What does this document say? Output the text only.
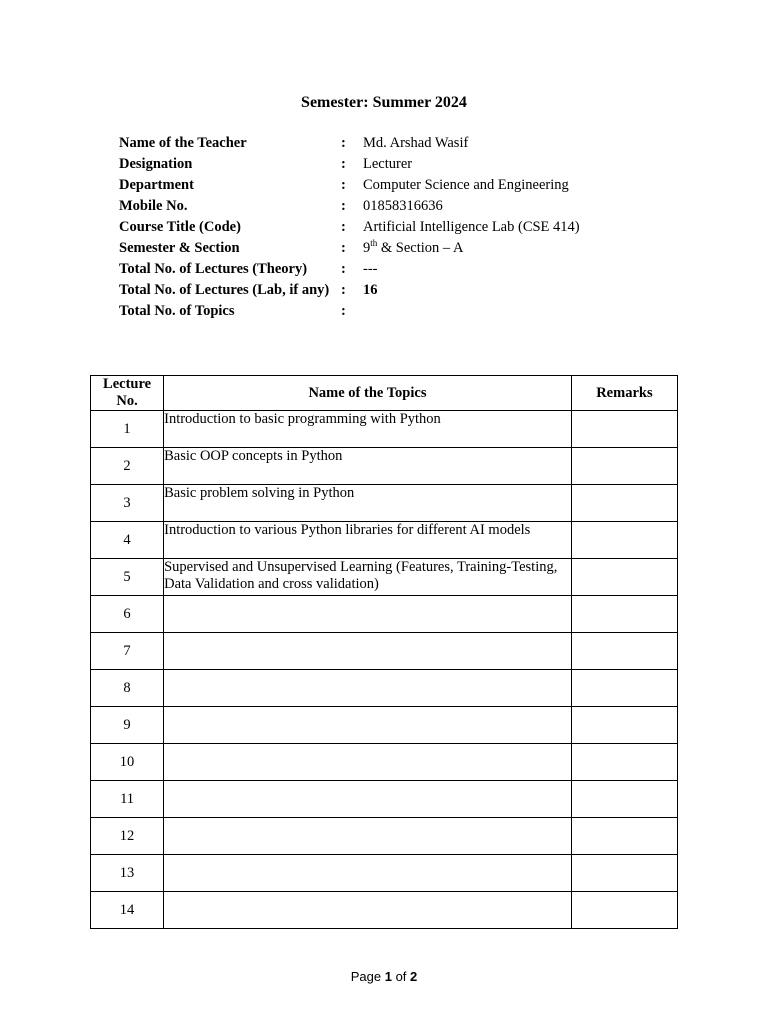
Semester: Summer 2024
Name of the Teacher	:	Md. Arshad Wasif
Designation	:	Lecturer
Department	:	Computer Science and Engineering
Mobile No.	:	01858316636
Course Title (Code)	:	Artificial Intelligence Lab (CSE 414)
Semester & Section	:	9th & Section – A
Total No. of Lectures (Theory)	:	---
Total No. of Lectures (Lab, if any) :	16
Total No. of Topics	:
Lecture No.	Name of the Topics	Remarks
1	Introduction to basic programming with Python	
2	Basic OOP concepts in Python	
3	Basic problem solving in Python	
4	Introduction to various Python libraries for different AI models	
5	Supervised and Unsupervised Learning (Features, Training-Testing, Data Validation and cross validation)	
6		
7		
8		
9		
10		
11		
12		
13		
14		
Page 1 of 2
